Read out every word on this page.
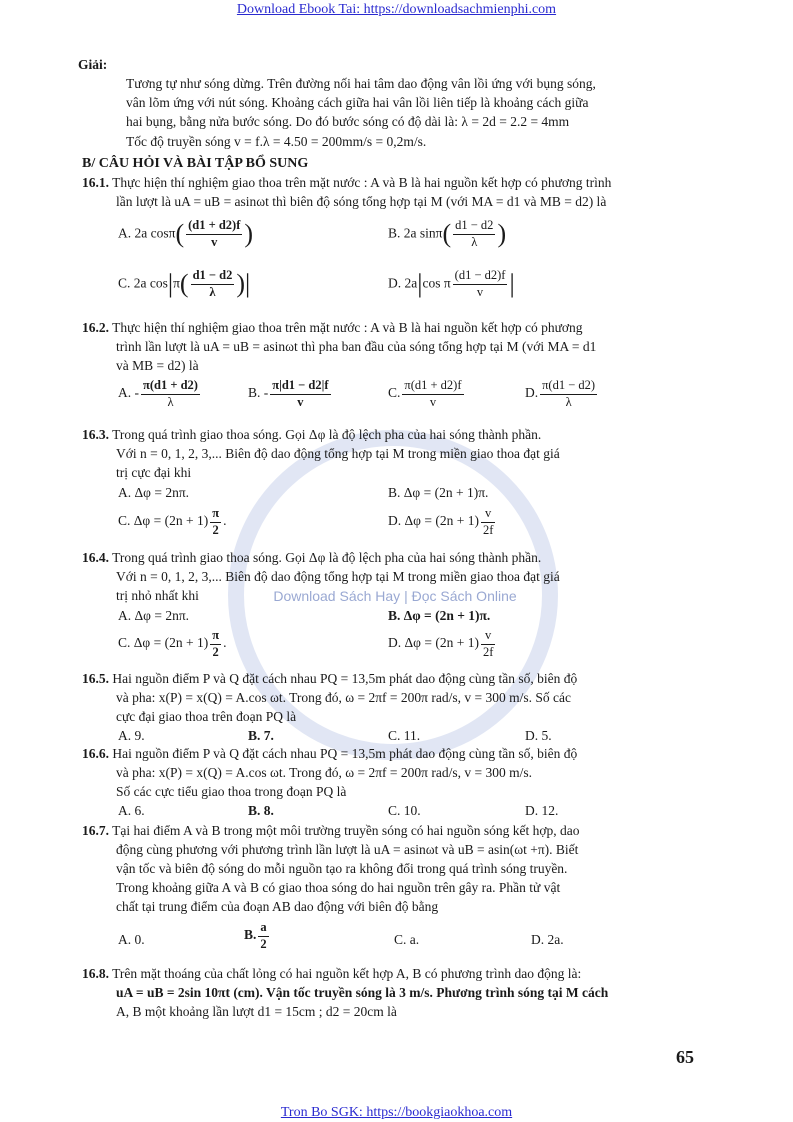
Download Ebook Tai: https://downloadsachmienphi.com
Download Sách Hay | Đọc Sách Online
Giải:
Tương tự như sóng dừng. Trên đường nối hai tâm dao động vân lồi ứng với bụng sóng,
vân lõm ứng với nút sóng. Khoảng cách giữa hai vân lồi liên tiếp là khoảng cách giữa
hai bụng, bằng nửa bước sóng. Do đó bước sóng có độ dài là: λ = 2d = 2.2 = 4mm
Tốc độ truyền sóng v = f.λ = 4.50 = 200mm/s = 0,2m/s.
B/ CÂU HỎI VÀ BÀI TẬP BỔ SUNG
16.1. Thực hiện thí nghiệm giao thoa trên mặt nước : A và B là hai nguồn kết hợp có phương trình
lần lượt là uA = uB = asinωt thì biên độ sóng tổng hợp tại M (với MA = d1 và MB = d2) là
A. 2a $\cos\pi( \frac{(d1 + d2)f}{v}$ )	B. 2a $\sin\pi( \frac{d1 - d2}{\lambda}$ )
C. 2a $\cos|\pi( \frac{d1 - d2}{\lambda}$ )|	D. 2a|cos π $\frac{(d1 - d2)f}{v}$ |
16.2. Thực hiện thí nghiệm giao thoa trên mặt nước : A và B là hai nguồn kết hợp có phương
trình lần lượt là uA = uB = asinωt thì pha ban đầu của sóng tổng hợp tại M (với MA = d1
và MB = d2) là
A. - $\frac{\pi(d1 + d2)}{\lambda}$	B. - $\frac{\pi|d1 - d2|f}{v}$	C. $\frac{\pi(d1 + d2)f}{v}$	D. $\frac{\pi(d1 - d2)}{\lambda}$
16.3. Trong quá trình giao thoa sóng. Gọi Δφ là độ lệch pha của hai sóng thành phần.
Với n = 0, 1, 2, 3,... Biên độ dao động tổng hợp tại M trong miền giao thoa đạt giá
trị cực đại khi
A. Δφ = 2nπ.	B. Δφ = (2n + 1)π.
C. $\Delta\varphi = (2n + 1) \frac{\pi}{2}$ .	D. $\Delta\varphi = (2n + 1) \frac{v}{2f}$
16.4. Trong quá trình giao thoa sóng. Gọi Δφ là độ lệch pha của hai sóng thành phần.
Với n = 0, 1, 2, 3,... Biên độ dao động tổng hợp tại M trong miền giao thoa đạt giá
trị nhỏ nhất khi
A. Δφ = 2nπ.	B. Δφ = (2n + 1)π.
C. $\Delta\varphi = (2n + 1) \frac{\pi}{2}$ .	D. $\Delta\varphi = (2n + 1) \frac{v}{2f}$
16.5. Hai nguồn điểm P và Q đặt cách nhau PQ = 13,5m phát dao động cùng tần số, biên độ
và pha: x(P) = x(Q) = A.cos ωt. Trong đó, ω = 2πf = 200π rad/s, v = 300 m/s. Số các
cực đại giao thoa trên đoạn PQ là
A. 9.	B. 7.	C. 11.	D. 5.
16.6. Hai nguồn điểm P và Q đặt cách nhau PQ = 13,5m phát dao động cùng tần số, biên độ
và pha: x(P) = x(Q) = A.cos ωt. Trong đó, ω = 2πf = 200π rad/s, v = 300 m/s.
Số các cực tiểu giao thoa trong đoạn PQ là
A. 6.	B. 8.	C. 10.	D. 12.
16.7. Tại hai điểm A và B trong một môi trường truyền sóng có hai nguồn sóng kết hợp, dao
động cùng phương với phương trình lần lượt là uA = asinωt và uB = asin(ωt +π). Biết
vận tốc và biên độ sóng do mỗi nguồn tạo ra không đổi trong quá trình sóng truyền.
Trong khoảng giữa A và B có giao thoa sóng do hai nguồn trên gây ra. Phần tử vật
chất tại trung điểm của đoạn AB dao động với biên độ bằng
A. 0.	B. $\frac{a}{2}$	C. a.	D. 2a.
16.8. Trên mặt thoáng của chất lỏng có hai nguồn kết hợp A, B có phương trình dao động là:
uA = uB = 2sin 10πt (cm). Vận tốc truyền sóng là 3 m/s. Phương trình sóng tại M cách
A, B một khoảng lần lượt d1 = 15cm ; d2 = 20cm là
65
Tron Bo SGK: https://bookgiaokhoa.com
